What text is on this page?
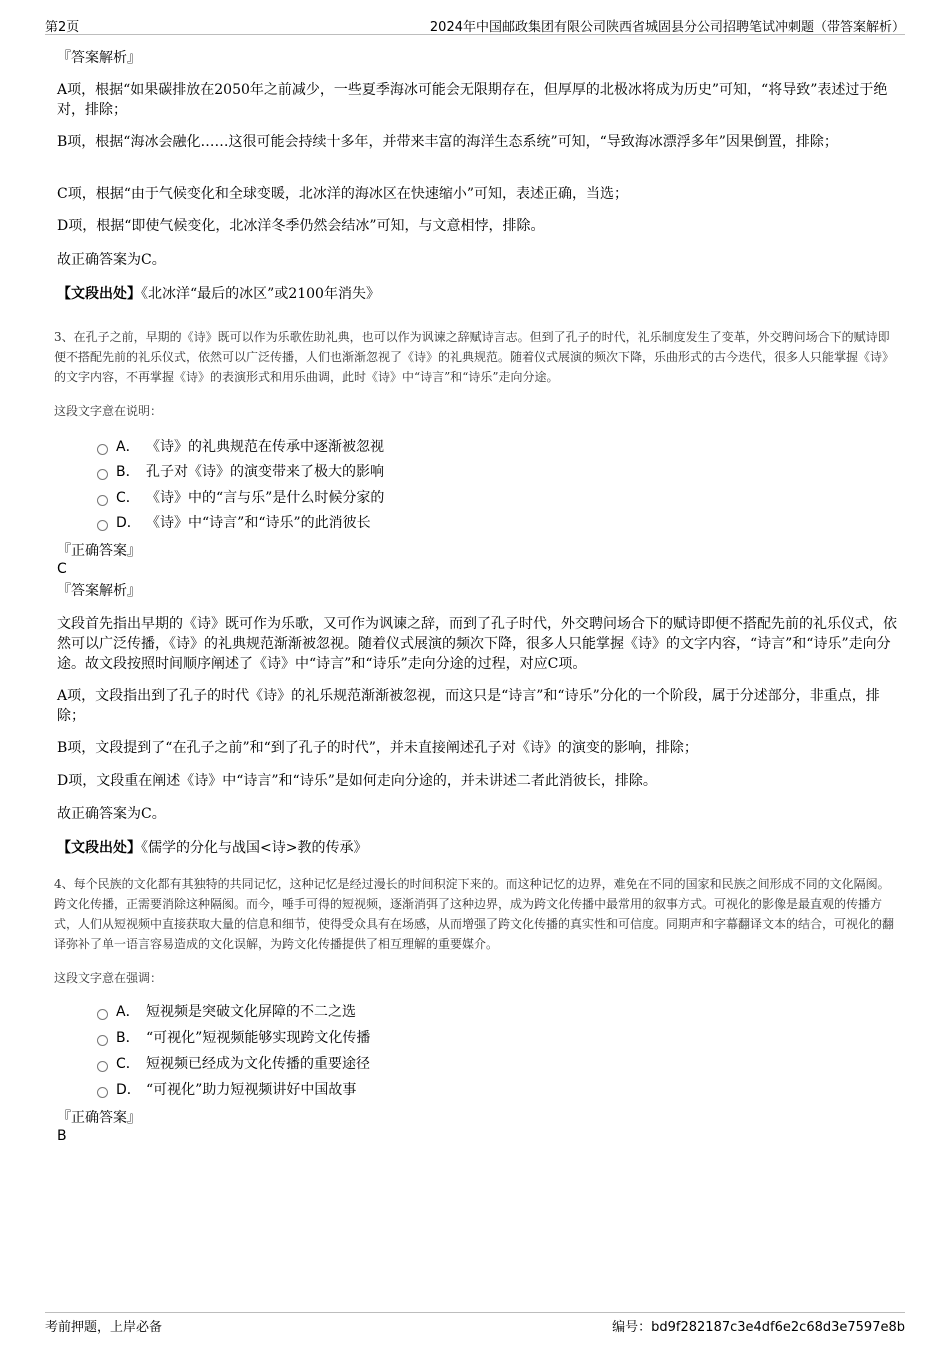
第2页	2024年中国邮政集团有限公司陕西省城固县分公司招聘笔试冲刺题（带答案解析）
『答案解析』
A项，根据“如果碳排放在2050年之前减少，一些夏季海冰可能会无限期存在，但厚厚的北极冰将成为历史”可知，“将导致”表述过于绝对，排除；
B项，根据“海冰会融化……这很可能会持续十多年，并带来丰富的海洋生态系统”可知，“导致海冰漂浮多年”因果倒置，排除；
C项，根据“由于气候变化和全球变暖，北冰洋的海冰区在快速缩小”可知，表述正确，当选；
D项，根据“即使气候变化，北冰洋冬季仍然会结冰”可知，与文意相悖，排除。
故正确答案为C。
【文段出处】《北冰洋“最后的冰区”或2100年消失》
3、在孔子之前，早期的《诗》既可以作为乐歌佐助礼典，也可以作为讽谏之辞赋诗言志。但到了孔子的时代，礼乐制度发生了变革，外交聘问场合下的赋诗即便不搭配先前的礼乐仪式，依然可以广泛传播，人们也渐渐忽视了《诗》的礼典规范。随着仪式展演的频次下降，乐曲形式的古今迭代，很多人只能掌握《诗》的文字内容，不再掌握《诗》的表演形式和用乐曲调，此时《诗》中“诗言”和“诗乐”走向分途。
这段文字意在说明：
A． 《诗》的礼典规范在传承中逐渐被忽视
B． 孔子对《诗》的演变带来了极大的影响
C． 《诗》中的“言与乐”是什么时候分家的
D． 《诗》中“诗言”和“诗乐”的此消彼长
『正确答案』
C
『答案解析』
文段首先指出早期的《诗》既可作为乐歌，又可作为讽谏之辞，而到了孔子时代，外交聘问场合下的赋诗即便不搭配先前的礼乐仪式，依然可以广泛传播，《诗》的礼典规范渐渐被忽视。随着仪式展演的频次下降，很多人只能掌握《诗》的文字内容，“诗言”和“诗乐”走向分途。故文段按照时间顺序阐述了《诗》中“诗言”和“诗乐”走向分途的过程，对应C项。
A项，文段指出到了孔子的时代《诗》的礼乐规范渐渐被忽视，而这只是“诗言”和“诗乐”分化的一个阶段，属于分述部分，非重点，排除；
B项，文段提到了“在孔子之前”和“到了孔子的时代”，并未直接阐述孔子对《诗》的演变的影响，排除；
D项，文段重在阐述《诗》中“诗言”和“诗乐”是如何走向分途的，并未讲述二者此消彼长，排除。
故正确答案为C。
【文段出处】《儒学的分化与战国<诗>教的传承》
4、每个民族的文化都有其独特的共同记忆，这种记忆是经过漫长的时间积淀下来的。而这种记忆的边界，难免在不同的国家和民族之间形成不同的文化隔阂。跨文化传播，正需要消除这种隔阂。而今，唾手可得的短视频，逐渐消弭了这种边界，成为跨文化传播中最常用的叙事方式。可视化的影像是最直观的传播方式，人们从短视频中直接获取大量的信息和细节，使得受众具有在场感，从而增强了跨文化传播的真实性和可信度。同期声和字幕翻译文本的结合，可视化的翻译弥补了单一语言容易造成的文化误解，为跨文化传播提供了相互理解的重要媒介。
这段文字意在强调：
A． 短视频是突破文化屏障的不二之选
B． “可视化”短视频能够实现跨文化传播
C． 短视频已经成为文化传播的重要途径
D． “可视化”助力短视频讲好中国故事
『正确答案』
B
考前押题，上岸必备	编号：bd9f282187c3e4df6e2c68d3e7597e8b
